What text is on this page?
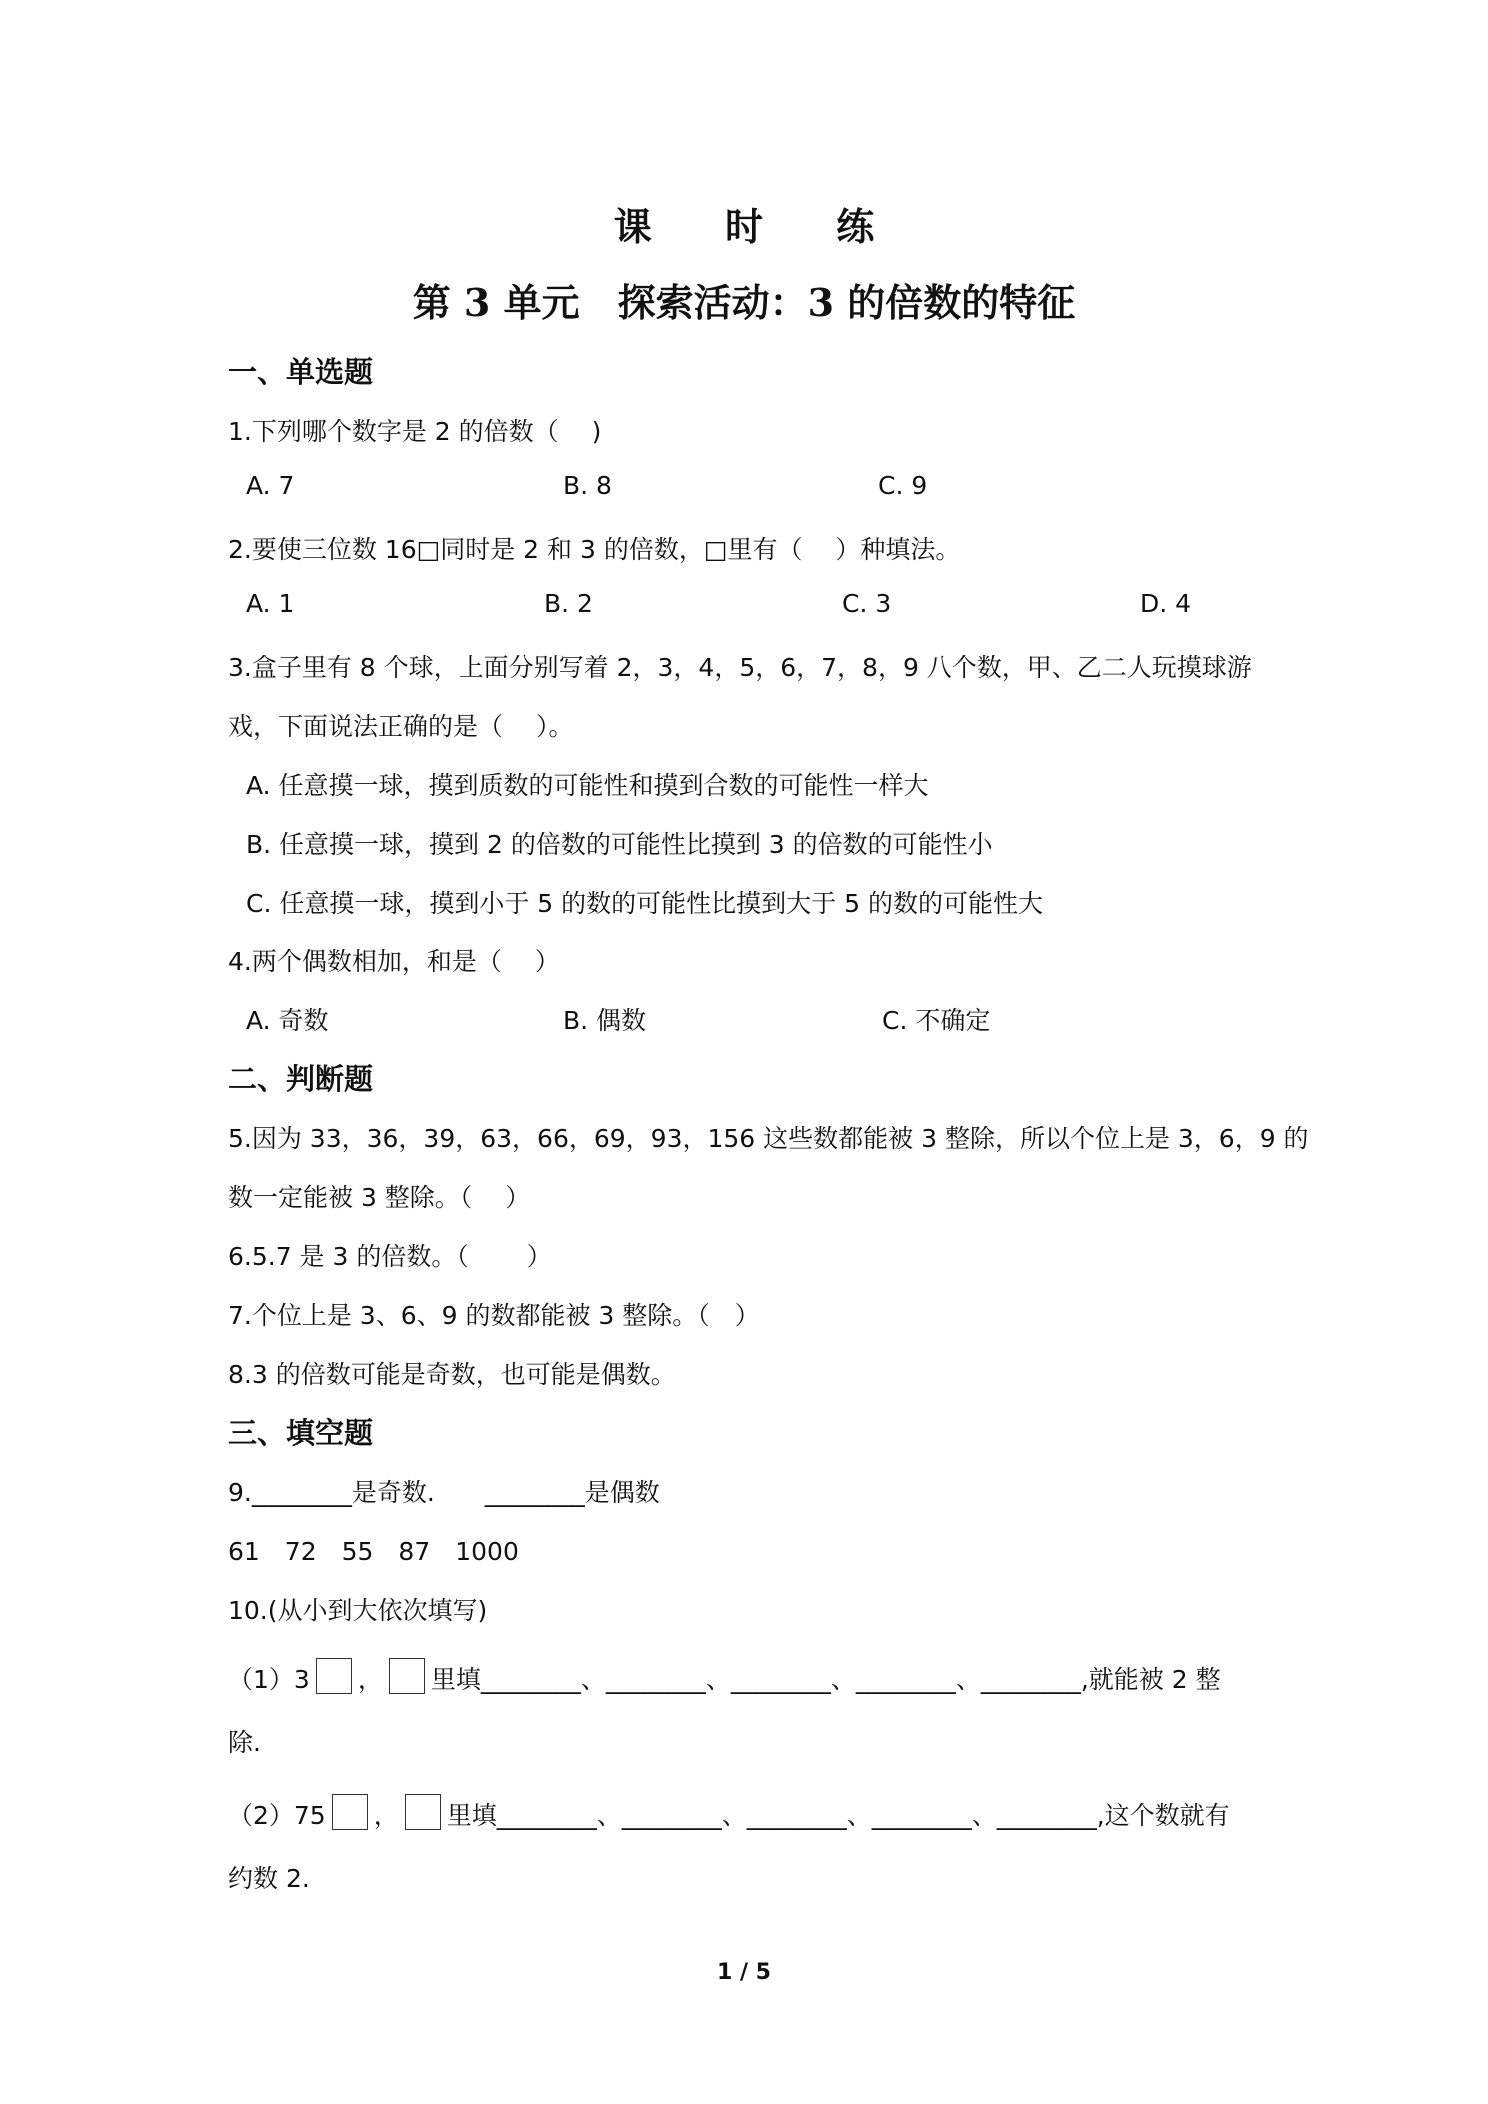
课 时 练
第 3 单元　探索活动：3 的倍数的特征
一、单选题
1.下列哪个数字是 2 的倍数（　 )
A. 7	B. 8	C. 9
2.要使三位数 16□同时是 2 和 3 的倍数，□里有（　 ）种填法。
A. 1	B. 2	C. 3	D. 4
3.盒子里有 8 个球，上面分别写着 2，3，4，5，6，7，8，9 八个数，甲、乙二人玩摸球游
戏，下面说法正确的是（　 ）。
A. 任意摸一球，摸到质数的可能性和摸到合数的可能性一样大
B. 任意摸一球，摸到 2 的倍数的可能性比摸到 3 的倍数的可能性小
C. 任意摸一球，摸到小于 5 的数的可能性比摸到大于 5 的数的可能性大
4.两个偶数相加，和是（　 ）
A. 奇数	B. 偶数	C. 不确定
二、判断题
5.因为 33，36，39，63，66，69，93，156 这些数都能被 3 整除，所以个位上是 3，6，9 的
数一定能被 3 整除。（　 ）
6.5.7 是 3 的倍数。（　　 ）
7.个位上是 3、6、9 的数都能被 3 整除。（　）
8.3 的倍数可能是奇数，也可能是偶数。
三、填空题
9.________是奇数.　　________是偶数
61　72　55　87　1000
10.(从小到大依次填写)
（1）3 ， 里填________、________、________、________、________,就能被 2 整
除.
（2）75 ， 里填________、________、________、________、________,这个数就有
约数 2.
1 / 5
